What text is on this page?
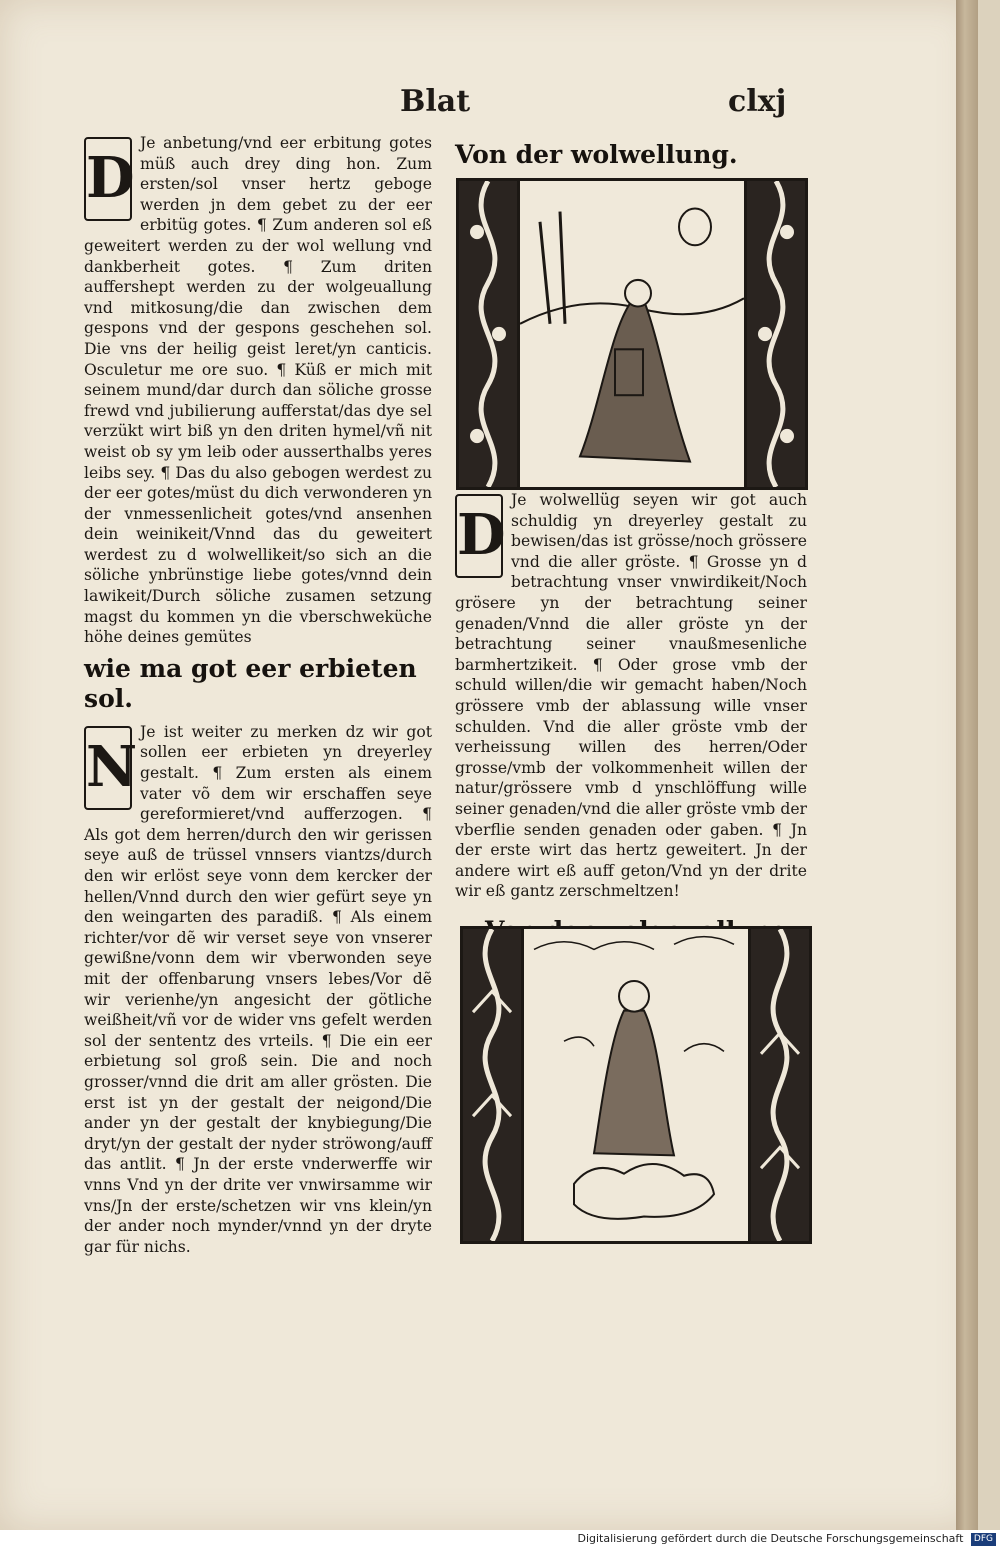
Blat	clxj

D
Je anbetung/vnd eer erbitung gotes müß auch drey ding hon. Zum ersten/sol vnser hertz geboge werden jn dem gebet zu der eer erbitüg gotes. ¶ Zum anderen sol eß geweitert werden zu der wol wellung vnd dankberheit gotes. ¶ Zum driten auffershept werden zu der wolgeuallung vnd mitkosung/die dan zwischen dem gespons vnd der gespons geschehen sol. Die vns der heilig geist leret/yn canticis. Osculetur me ore suo. ¶ Küß er mich mit seinem mund/dar durch dan söliche grosse frewd vnd jubilierung aufferstat/das dye sel verzükt wirt biß yn den driten hymel/vñ nit weist ob sy ym leib oder ausserthalbs yeres leibs sey. ¶ Das du also gebogen werdest zu der eer gotes/müst du dich verwonderen yn der vnmessenlicheit gotes/vnd ansenhen dein weinikeit/Vnnd das du geweitert werdest zu d wolwellikeit/so sich an die söliche ynbrünstige liebe gotes/vnnd dein lawikeit/Durch söliche zusamen setzung magst du kommen yn die vberschweküche höhe deines gemütes

wie ma got eer erbieten sol.

N
Je ist weiter zu merken dz wir got sollen eer erbieten yn dreyerley gestalt. ¶ Zum ersten als einem vater võ dem wir erschaffen seye gereformieret/vnd aufferzogen. ¶ Als got dem herren/durch den wir gerissen seye auß de trüssel vnnsers viantzs/durch den wir erlöst seye vonn dem kercker der hellen/Vnnd durch den wier gefürt seye yn den weingarten des paradiß. ¶ Als einem richter/vor dẽ wir verset seye von vnserer gewißne/vonn dem wir vberwonden seye mit der offenbarung vnsers lebes/Vor dẽ wir verienhe/yn angesicht der götliche weißheit/vñ vor de wider vns gefelt werden sol der sententz des vrteils. ¶ Die ein eer erbietung sol groß sein. Die and noch grosser/vnnd die drit am aller grösten. Die erst ist yn der gestalt der neigond/Die ander yn der gestalt der knybiegung/Die dryt/yn der gestalt der nyder ströwong/auff das antlit. ¶ Jn der erste vnderwerffe wir vnns Vnd yn der drite ver vnwirsamme wir vns/Jn der erste/schetzen wir vns klein/yn der ander noch mynder/vnnd yn der dryte gar für nichs.

Von der wolwellung.

D
Je wolwellüg seyen wir got auch schuldig yn dreyerley gestalt zu bewisen/das ist grösse/noch grössere vnd die aller gröste. ¶ Grosse yn d betrachtung vnser vnwirdikeit/Noch grösere yn der betrachtung seiner genaden/Vnnd die aller gröste yn der betrachtung seiner vnaußmesenliche barmhertzikeit. ¶ Oder grose vmb der schuld willen/die wir gemacht haben/Noch grössere vmb der ablassung wille vnser schulden. Vnd die aller gröste vmb der verheissung willen des herren/Oder grosse/vmb der volkommenheit willen der natur/grössere vmb d ynschlöffung wille seiner genaden/vnd die aller gröste vmb der vberflie senden genaden oder gaben. ¶ Jn der erste wirt das hertz geweitert. Jn der andere wirt eß auff geton/Vnd yn der drite wir eß gantz zerschmeltzen!

Digitalisierung gefördert durch die Deutsche Forschungsgemeinschaft DFG
